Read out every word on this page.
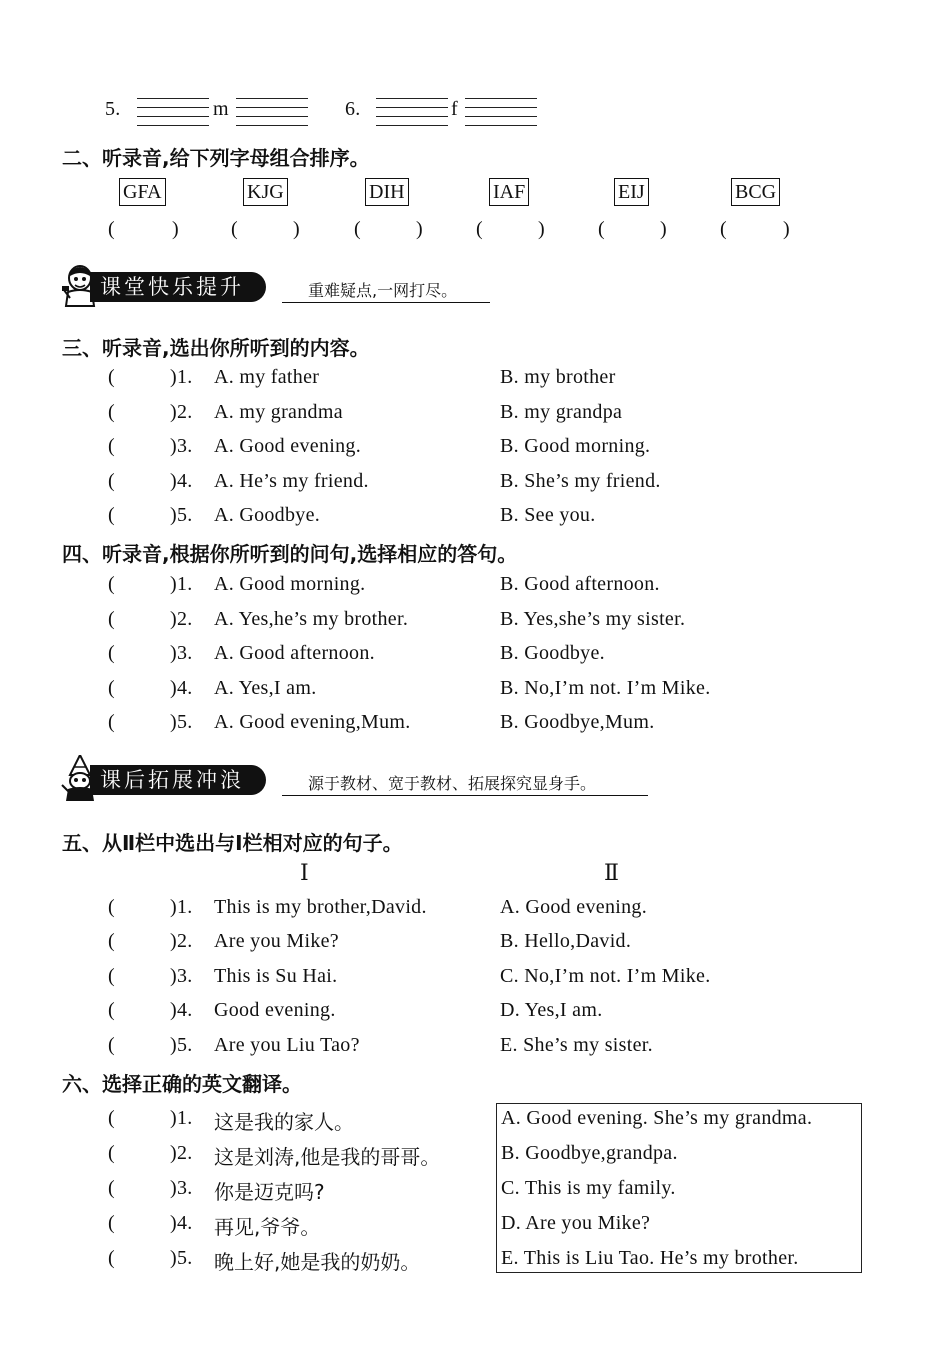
5.	m	6.	f
二、听录音,给下列字母组合排序。
GFA	KJG	DIH	IAF	EIJ	BCG
(	)	(	)	(	)	(	)	(	)	(	)
课堂快乐提升	重难疑点,一网打尽。
三、听录音,选出你所听到的内容。
(	)1. A. my father	B. my brother
(	)2. A. my grandma	B. my grandpa
(	)3. A. Good evening.	B. Good morning.
(	)4. A. He’s my friend.	B. She’s my friend.
(	)5. A. Goodbye.	B. See you.
四、听录音,根据你所听到的问句,选择相应的答句。
(	)1. A. Good morning.	B. Good afternoon.
(	)2. A. Yes,he’s my brother.	B. Yes,she’s my sister.
(	)3. A. Good afternoon.	B. Goodbye.
(	)4. A. Yes,I am.	B. No,I’m not. I’m Mike.
(	)5. A. Good evening,Mum.	B. Goodbye,Mum.
课后拓展冲浪	源于教材、宽于教材、拓展探究显身手。
五、从Ⅱ栏中选出与Ⅰ栏相对应的句子。
Ⅰ	Ⅱ
(	)1. This is my brother,David.	A. Good evening.
(	)2. Are you Mike?	B. Hello,David.
(	)3. This is Su Hai.	C. No,I’m not. I’m Mike.
(	)4. Good evening.	D. Yes,I am.
(	)5. Are you Liu Tao?	E. She’s my sister.
六、选择正确的英文翻译。
(	)1. 这是我的家人。	A. Good evening. She’s my grandma.
(	)2. 这是刘涛,他是我的哥哥。	B. Goodbye,grandpa.
(	)3. 你是迈克吗?	C. This is my family.
(	)4. 再见,爷爷。	D. Are you Mike?
(	)5. 晚上好,她是我的奶奶。	E. This is Liu Tao. He’s my brother.
